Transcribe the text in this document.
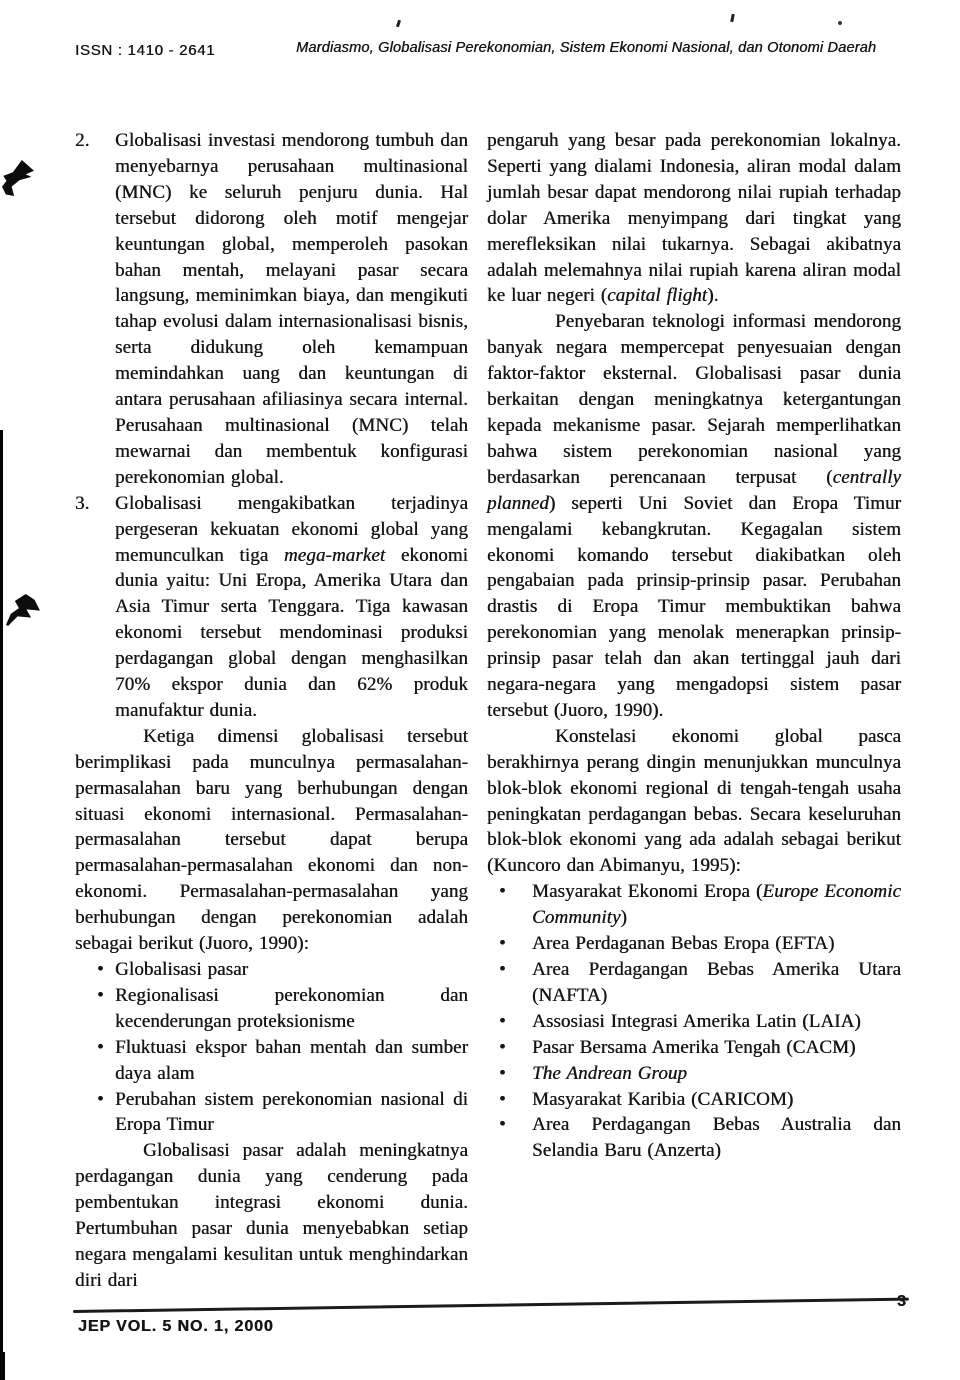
ISSN : 1410 - 2641	Mardiasmo, Globalisasi Perekonomian, Sistem Ekonomi Nasional, dan Otonomi Daerah
2.	Globalisasi investasi mendorong tumbuh dan menyebarnya perusahaan multinasional (MNC) ke seluruh penjuru dunia. Hal tersebut didorong oleh motif mengejar keuntungan global, memperoleh pasokan bahan mentah, melayani pasar secara langsung, meminimkan biaya, dan mengikuti tahap evolusi dalam internasionalisasi bisnis, serta didukung oleh kemampuan memindahkan uang dan keuntungan di antara perusahaan afiliasinya secara internal. Perusahaan multinasional (MNC) telah mewarnai dan membentuk konfigurasi perekonomian global.
3.	Globalisasi mengakibatkan terjadinya pergeseran kekuatan ekonomi global yang memunculkan tiga mega-market ekonomi dunia yaitu: Uni Eropa, Amerika Utara dan Asia Timur serta Tenggara. Tiga kawasan ekonomi tersebut mendominasi produksi perdagangan global dengan menghasilkan 70% ekspor dunia dan 62% produk manufaktur dunia.

Ketiga dimensi globalisasi tersebut berimplikasi pada munculnya permasalahan-permasalahan baru yang berhubungan dengan situasi ekonomi internasional. Permasalahan-permasalahan tersebut dapat berupa permasalahan-permasalahan ekonomi dan non-ekonomi. Permasalahan-permasalahan yang berhubungan dengan perekonomian adalah sebagai berikut (Juoro, 1990):

• Globalisasi pasar
• Regionalisasi perekonomian dan kecenderungan proteksionisme
• Fluktuasi ekspor bahan mentah dan sumber daya alam
• Perubahan sistem perekonomian nasional di Eropa Timur

Globalisasi pasar adalah meningkatnya perdagangan dunia yang cenderung pada pembentukan integrasi ekonomi dunia. Pertumbuhan pasar dunia menyebabkan setiap negara mengalami kesulitan untuk menghindarkan diri dari

pengaruh yang besar pada perekonomian lokalnya. Seperti yang dialami Indonesia, aliran modal dalam jumlah besar dapat mendorong nilai rupiah terhadap dolar Amerika menyimpang dari tingkat yang merefleksikan nilai tukarnya. Sebagai akibatnya adalah melemahnya nilai rupiah karena aliran modal ke luar negeri (capital flight).

Penyebaran teknologi informasi mendorong banyak negara mempercepat penyesuaian dengan faktor-faktor eksternal. Globalisasi pasar dunia berkaitan dengan meningkatnya ketergantungan kepada mekanisme pasar. Sejarah memperlihatkan bahwa sistem perekonomian nasional yang berdasarkan perencanaan terpusat (centrally planned) seperti Uni Soviet dan Eropa Timur mengalami kebangkrutan. Kegagalan sistem ekonomi komando tersebut diakibatkan oleh pengabaian pada prinsip-prinsip pasar. Perubahan drastis di Eropa Timur membuktikan bahwa perekonomian yang menolak menerapkan prinsip-prinsip pasar telah dan akan tertinggal jauh dari negara-negara yang mengadopsi sistem pasar tersebut (Juoro, 1990).

Konstelasi ekonomi global pasca berakhirnya perang dingin menunjukkan munculnya blok-blok ekonomi regional di tengah-tengah usaha peningkatan perdagangan bebas. Secara keseluruhan blok-blok ekonomi yang ada adalah sebagai berikut (Kuncoro dan Abimanyu, 1995):

•	Masyarakat Ekonomi Eropa (Europe Economic Community)
•	Area Perdaganan Bebas Eropa (EFTA)
•	Area Perdagangan Bebas Amerika Utara (NAFTA)
•	Assosiasi Integrasi Amerika Latin (LAIA)
•	Pasar Bersama Amerika Tengah (CACM)
•	The Andrean Group
•	Masyarakat Karibia (CARICOM)
•	Area Perdagangan Bebas Australia dan Selandia Baru (Anzerta)
JEP VOL. 5 NO. 1, 2000
3
